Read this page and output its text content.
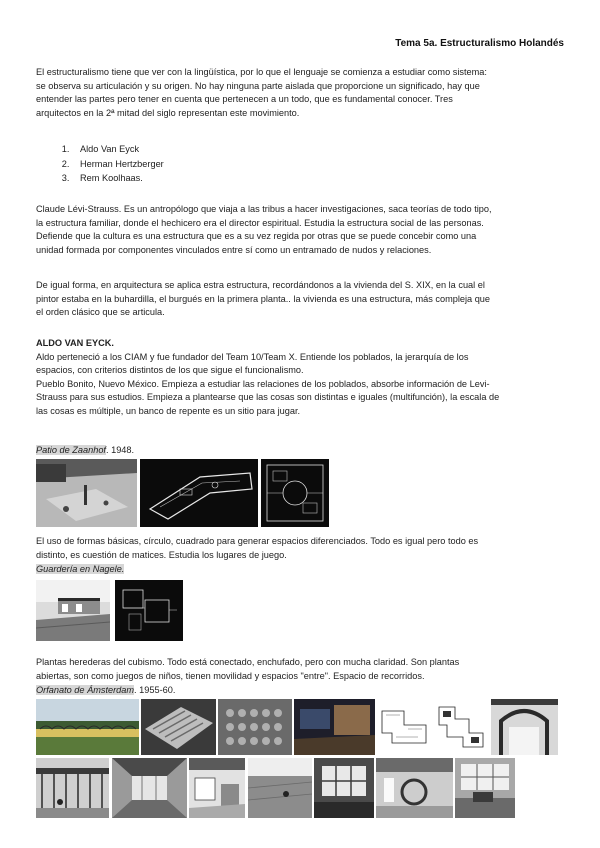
Tema 5a. Estructuralismo Holandés

El estructuralismo tiene que ver con la lingüística, por lo que el lenguaje se comienza a estudiar como sistema:
se observa su articulación y su origen. No hay ninguna parte aislada que proporcione un significado, hay que
entender las partes pero tener en cuenta que pertenecen a un todo, que es fundamental conocer. Tres
arquitectos en la 2ª mitad del siglo representan este movimiento.

1. Aldo Van Eyck
2. Herman Hertzberger
3. Rem Koolhaas.

Claude Lévi-Strauss. Es un antropólogo que viaja a las tribus a hacer investigaciones, saca teorías de todo tipo,
la estructura familiar, donde el hechicero era el director espiritual. Estudia la estructura social de las personas.
Defiende que la cultura es una estructura que es a su vez regida por otras que se puede concebir como una
unidad formada por componentes vinculados entre sí como un entramado de nudos y relaciones.

De igual forma, en arquitectura se aplica estra estructura, recordándonos a la vivienda del S. XIX, en la cual el
pintor estaba en la buhardilla, el burgués en la primera planta.. la vivienda es una estructura, más compleja que
el orden clásico que se articula.

ALDO VAN EYCK.
Aldo perteneció a los CIAM y fue fundador del Team 10/Team X. Entiende los poblados, la jerarquía de los
espacios, con criterios distintos de los que sigue el funcionalismo.
Pueblo Bonito, Nuevo México. Empieza a estudiar las relaciones de los poblados, absorbe información de Levi-
Strauss para sus estudios. Empieza a plantearse que las cosas son distintas e iguales (multifunción), la escala de
las cosas es múltiple, un banco de repente es un sitio para jugar.

Patio de Zaanhof. 1948.

El uso de formas básicas, círculo, cuadrado para generar espacios diferenciados. Todo es igual pero todo es
distinto, es cuestión de matices. Estudia los lugares de juego.

Guardería en Nagele.

Plantas herederas del cubismo. Todo está conectado, enchufado, pero con mucha claridad. Son plantas
abiertas, son como juegos de niños, tienen movilidad y espacios "entre". Espacio de recorridos.

Orfanato de Ámsterdam. 1955-60.
